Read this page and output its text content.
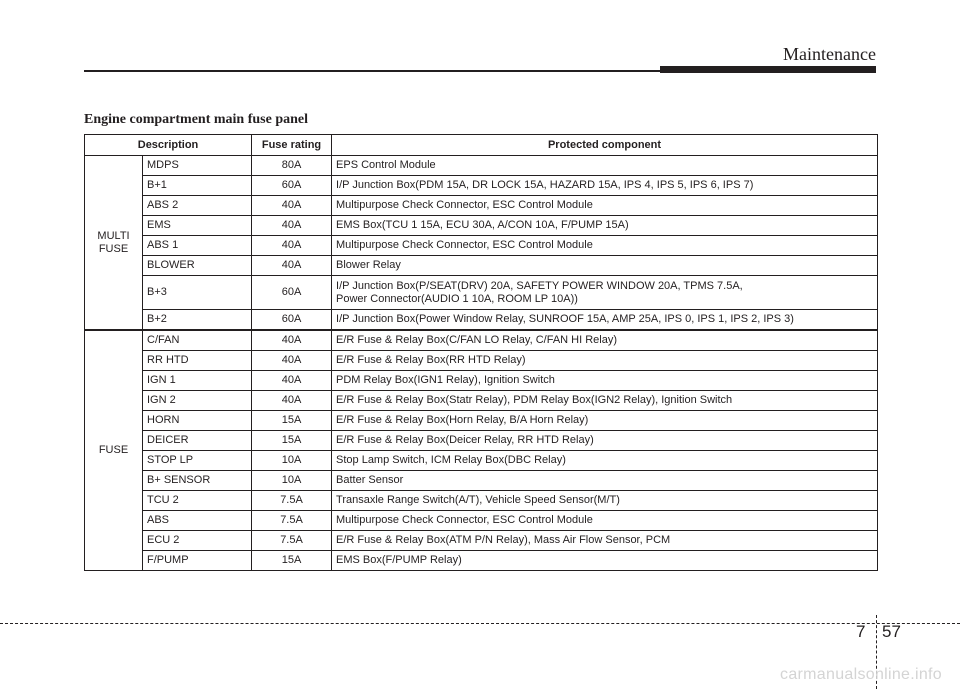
Maintenance
Engine compartment main fuse panel
Description		Fuse rating	Protected component
MULTI
FUSE	MDPS	80A	EPS Control Module
	B+1	60A	I/P Junction Box(PDM 15A, DR LOCK 15A, HAZARD 15A, IPS 4, IPS 5, IPS 6, IPS 7)
	ABS 2	40A	Multipurpose Check Connector, ESC Control Module
	EMS	40A	EMS Box(TCU 1 15A, ECU 30A, A/CON 10A, F/PUMP 15A)
	ABS 1	40A	Multipurpose Check Connector, ESC Control Module
	BLOWER	40A	Blower Relay
	B+3	60A	I/P Junction Box(P/SEAT(DRV) 20A, SAFETY POWER WINDOW 20A, TPMS 7.5A,
Power Connector(AUDIO 1 10A, ROOM LP 10A))
	B+2	60A	I/P Junction Box(Power Window Relay, SUNROOF 15A, AMP 25A, IPS 0, IPS 1, IPS 2, IPS 3)
FUSE	C/FAN	40A	E/R Fuse & Relay Box(C/FAN LO Relay, C/FAN HI Relay)
	RR HTD	40A	E/R Fuse & Relay Box(RR HTD Relay)
	IGN 1	40A	PDM Relay Box(IGN1 Relay), Ignition Switch
	IGN 2	40A	E/R Fuse & Relay Box(Statr Relay), PDM Relay Box(IGN2 Relay), Ignition Switch
	HORN	15A	E/R Fuse & Relay Box(Horn Relay, B/A Horn Relay)
	DEICER	15A	E/R Fuse & Relay Box(Deicer Relay, RR HTD Relay)
	STOP LP	10A	Stop Lamp Switch, ICM Relay Box(DBC Relay)
	B+ SENSOR	10A	Batter Sensor
	TCU 2	7.5A	Transaxle Range Switch(A/T), Vehicle Speed Sensor(M/T)
	ABS	7.5A	Multipurpose Check Connector, ESC Control Module
	ECU 2	7.5A	E/R Fuse & Relay Box(ATM P/N Relay), Mass Air Flow Sensor, PCM
	F/PUMP	15A	EMS Box(F/PUMP Relay)
7 57
carmanualsonline.info
